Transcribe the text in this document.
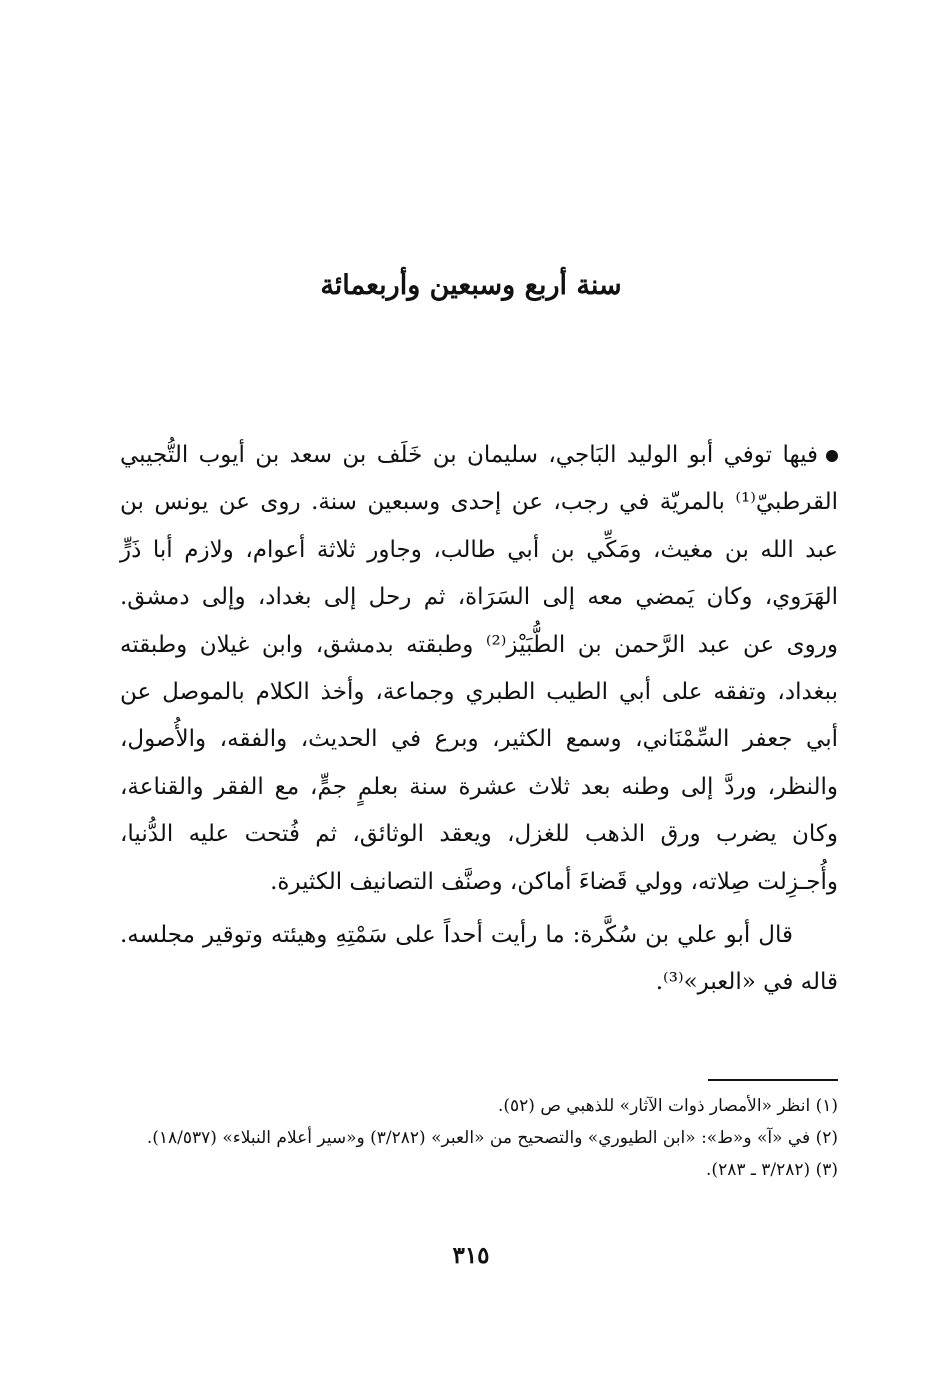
سنة أربع وسبعين وأربعمائة

فيها توفي أبو الوليد البَاجي، سليمان بن خَلَف بن سعد بن أيوب التُّجيبي القرطبيّ⁽¹⁾ بالمريّة في رجب، عن إحدى وسبعين سنة. روى عن يونس بن عبد الله بن مغيث، ومَكِّي بن أبي طالب، وجاور ثلاثة أعوام، ولازم أبا ذَرٍّ الهَرَوي، وكان يَمضي معه إلى السَرَاة، ثم رحل إلى بغداد، وإلى دمشق. وروى عن عبد الرَّحمن بن الطُّبَيْز⁽²⁾ وطبقته بدمشق، وابن غيلان وطبقته ببغداد، وتفقه على أبي الطيب الطبري وجماعة، وأخذ الكلام بالموصل عن أبي جعفر السِّمْنَاني، وسمع الكثير، وبرع في الحديث، والفقه، والأُصول، والنظر، وردَّ إلى وطنه بعد ثلاث عشرة سنة بعلمٍ جمٍّ، مع الفقر والقناعة، وكان يضرب ورق الذهب للغزل، ويعقد الوثائق، ثم فُتحت عليه الدُّنيا، وأُجـزِلت صِلاته، وولي قَضاءَ أماكن، وصنَّف التصانيف الكثيرة.

قال أبو علي بن سُكَّرة: ما رأيت أحداً على سَمْتِهِ وهيئته وتوقير مجلسه. قاله في «العبر»⁽³⁾.

(١) انظر «الأمصار ذوات الآثار» للذهبي ص (٥٢).

(٢) في «آ» و«ط»: «ابن الطيوري» والتصحيح من «العبر» (٣/٢٨٢) و«سير أعلام النبلاء» (١٨/٥٣٧).

(٣) (٣/٢٨٢ ـ ٢٨٣).

٣١٥
